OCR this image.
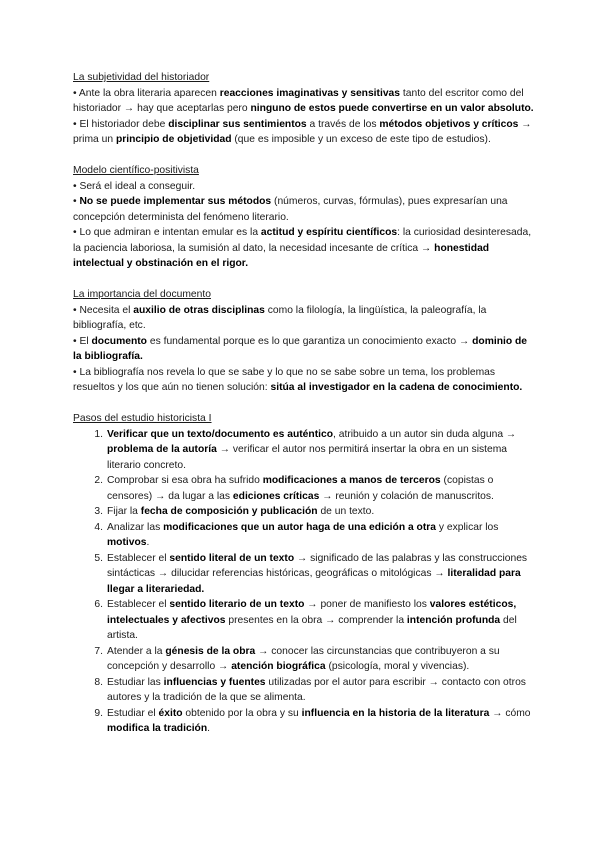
La subjetividad del historiador

• Ante la obra literaria aparecen reacciones imaginativas y sensitivas tanto del escritor como del historiador → hay que aceptarlas pero ninguno de estos puede convertirse en un valor absoluto.

• El historiador debe disciplinar sus sentimientos a través de los métodos objetivos y críticos → prima un principio de objetividad (que es imposible y un exceso de este tipo de estudios).

Modelo científico-positivista

• Será el ideal a conseguir.

• No se puede implementar sus métodos (números, curvas, fórmulas), pues expresarían una concepción determinista del fenómeno literario.

• Lo que admiran e intentan emular es la actitud y espíritu científicos: la curiosidad desinteresada, la paciencia laboriosa, la sumisión al dato, la necesidad incesante de crítica → honestidad intelectual y obstinación en el rigor.

La importancia del documento

• Necesita el auxilio de otras disciplinas como la filología, la lingüística, la paleografía, la bibliografía, etc.

• El documento es fundamental porque es lo que garantiza un conocimiento exacto → dominio de la bibliografía.

• La bibliografía nos revela lo que se sabe y lo que no se sabe sobre un tema, los problemas resueltos y los que aún no tienen solución: sitúa al investigador en la cadena de conocimiento.

Pasos del estudio historicista I

1. Verificar que un texto/documento es auténtico, atribuido a un autor sin duda alguna → problema de la autoría → verificar el autor nos permitirá insertar la obra en un sistema literario concreto.
2. Comprobar si esa obra ha sufrido modificaciones a manos de terceros (copistas o censores) → da lugar a las ediciones críticas → reunión y colación de manuscritos.
3. Fijar la fecha de composición y publicación de un texto.
4. Analizar las modificaciones que un autor haga de una edición a otra y explicar los motivos.
5. Establecer el sentido literal de un texto → significado de las palabras y las construcciones sintácticas → dilucidar referencias históricas, geográficas o mitológicas → literalidad para llegar a literariedad.
6. Establecer el sentido literario de un texto → poner de manifiesto los valores estéticos, intelectuales y afectivos presentes en la obra → comprender la intención profunda del artista.
7. Atender a la génesis de la obra → conocer las circunstancias que contribuyeron a su concepción y desarrollo → atención biográfica (psicología, moral y vivencias).
8. Estudiar las influencias y fuentes utilizadas por el autor para escribir → contacto con otros autores y la tradición de la que se alimenta.
9. Estudiar el éxito obtenido por la obra y su influencia en la historia de la literatura → cómo modifica la tradición.
